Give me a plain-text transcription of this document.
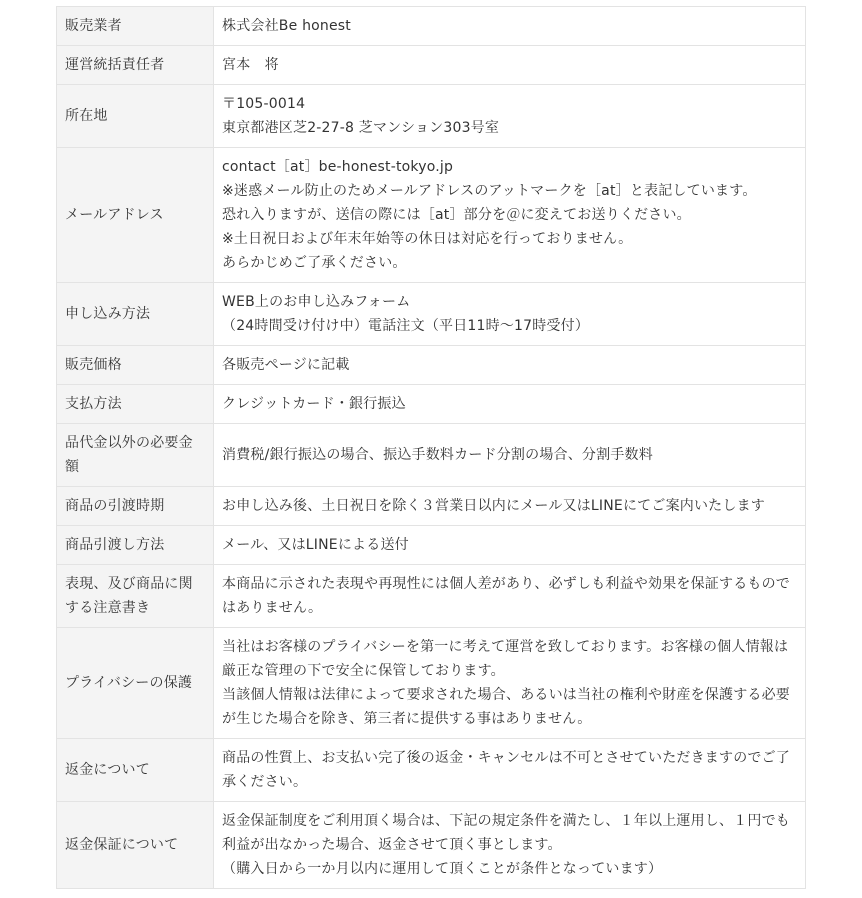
販売業者	株式会社Be honest

運営統括責任者	宮本　将

所在地	〒105-0014
東京都港区芝2-27-8 芝マンション303号室

メールアドレス	contact［at］be-honest-tokyo.jp
※迷惑メール防止のためメールアドレスのアットマークを［at］と表記しています。
恐れ入りますが、送信の際には［at］部分を＠に変えてお送りください。
※土日祝日および年末年始等の休日は対応を行っておりません。
あらかじめご了承ください。

申し込み方法	WEB上のお申し込みフォーム
（24時間受け付け中）電話注文（平日11時～17時受付）

販売価格	各販売ページに記載

支払方法	クレジットカード・銀行振込

品代金以外の必要金額	消費税/銀行振込の場合、振込手数料カード分割の場合、分割手数料

商品の引渡時期	お申し込み後、土日祝日を除く３営業日以内にメール又はLINEにてご案内いたします

商品引渡し方法	メール、又はLINEによる送付

表現、及び商品に関する注意書き	本商品に示された表現や再現性には個人差があり、必ずしも利益や効果を保証するものではありません。

プライバシーの保護	当社はお客様のプライバシーを第一に考えて運営を致しております。お客様の個人情報は厳正な管理の下で安全に保管しております。
当該個人情報は法律によって要求された場合、あるいは当社の権利や財産を保護する必要が生じた場合を除き、第三者に提供する事はありません。

返金について	商品の性質上、お支払い完了後の返金・キャンセルは不可とさせていただきますのでご了承ください。

返金保証について	返金保証制度をご利用頂く場合は、下記の規定条件を満たし、１年以上運用し、１円でも利益が出なかった場合、返金させて頂く事とします。
（購入日から一か月以内に運用して頂くことが条件となっています）
